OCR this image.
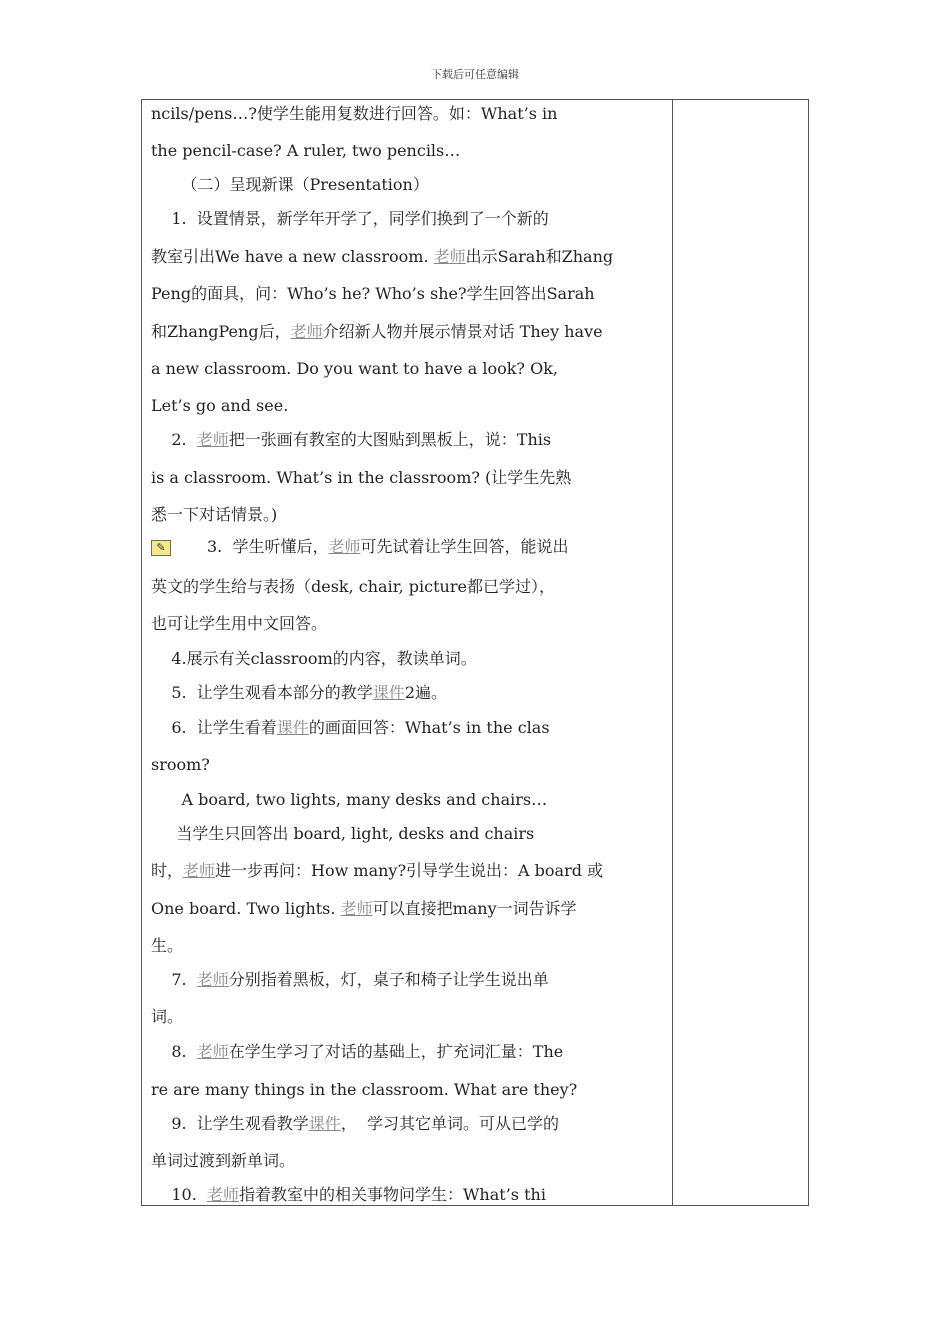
下载后可任意编辑
ncils/pens…?使学生能用复数进行回答。如：What’s in
the pencil-case? A ruler, two pencils…
（二）呈现新课（Presentation）
1.  设置情景，新学年开学了，同学们换到了一个新的
教室引出We have a new classroom. 老师出示Sarah和Zhang
Peng的面具，问：Who’s he? Who’s she?学生回答出Sarah
和ZhangPeng后，老师介绍新人物并展示情景对话 They have
a new classroom. Do you want to have a look? Ok,
Let’s go and see.
2.  老师把一张画有教室的大图贴到黑板上，说：This
is a classroom. What’s in the classroom? (让学生先熟
悉一下对话情景。)
✎	3.  学生听懂后，老师可先试着让学生回答，能说出
英文的学生给与表扬（desk, chair, picture都已学过），
也可让学生用中文回答。
4.展示有关classroom的内容，教读单词。
5.  让学生观看本部分的教学课件2遍。
6.  让学生看着课件的画面回答：What’s in the clas
sroom?
A board, two lights, many desks and chairs…
当学生只回答出 board, light, desks and chairs
时，老师进一步再问：How many?引导学生说出：A board 或
One board. Two lights. 老师可以直接把many一词告诉学
生。
7.  老师分别指着黑板，灯，桌子和椅子让学生说出单
词。
8.  老师在学生学习了对话的基础上，扩充词汇量：The
re are many things in the classroom. What are they?
9.  让学生观看教学课件，  学习其它单词。可从已学的
单词过渡到新单词。
10.  老师指着教室中的相关事物问学生：What’s thi
